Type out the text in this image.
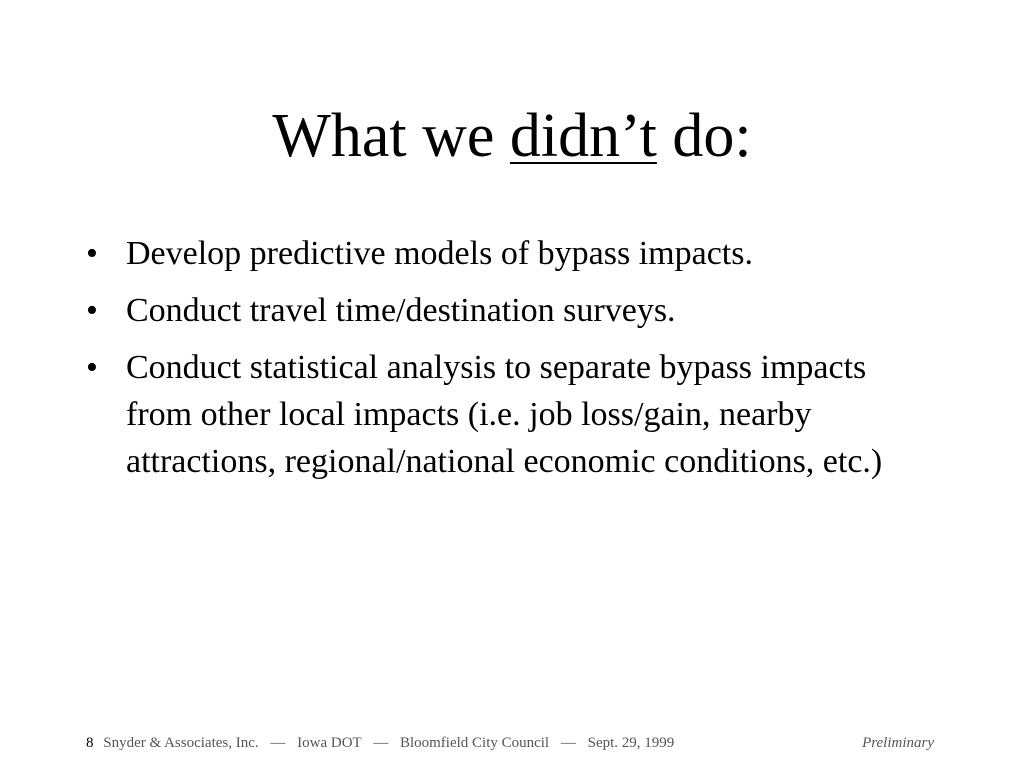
What we didn’t do:
• Develop predictive models of bypass impacts.
• Conduct travel time/destination surveys.
• Conduct statistical analysis to separate bypass impacts from other local impacts (i.e. job loss/gain, nearby attractions, regional/national economic conditions, etc.)
8 Snyder & Associates, Inc. — Iowa DOT — Bloomfield City Council — Sept. 29, 1999	Preliminary
